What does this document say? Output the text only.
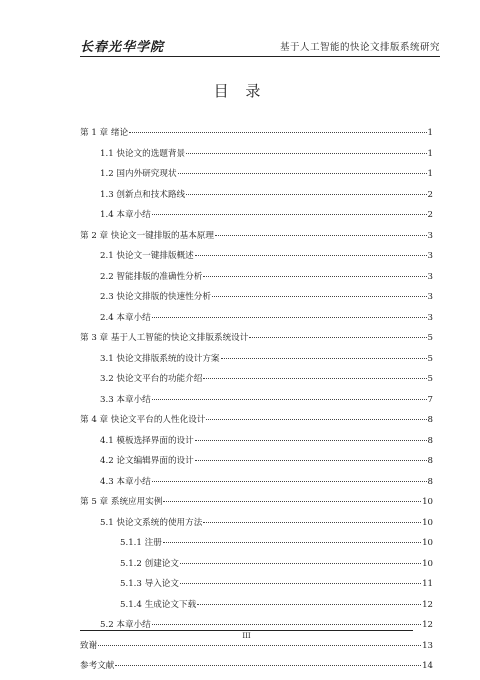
长春光华学院	基于人工智能的快论文排版系统研究
目 录
第 1 章 绪论	1
1.1 快论文的选题背景	1
1.2 国内外研究现状	1
1.3 创新点和技术路线	2
1.4 本章小结	2
第 2 章 快论文一键排版的基本原理	3
2.1 快论文一键排版概述	3
2.2 智能排版的准确性分析	3
2.3 快论文排版的快速性分析	3
2.4 本章小结	3
第 3 章 基于人工智能的快论文排版系统设计	5
3.1 快论文排版系统的设计方案	5
3.2 快论文平台的功能介绍	5
3.3 本章小结	7
第 4 章 快论文平台的人性化设计	8
4.1 模板选择界面的设计	8
4.2 论文编辑界面的设计	8
4.3 本章小结	8
第 5 章 系统应用实例	10
5.1 快论文系统的使用方法	10
5.1.1 注册	10
5.1.2 创建论文	10
5.1.3 导入论文	11
5.1.4 生成论文下载	12
5.2 本章小结	12
致谢	13
参考文献	14
III
